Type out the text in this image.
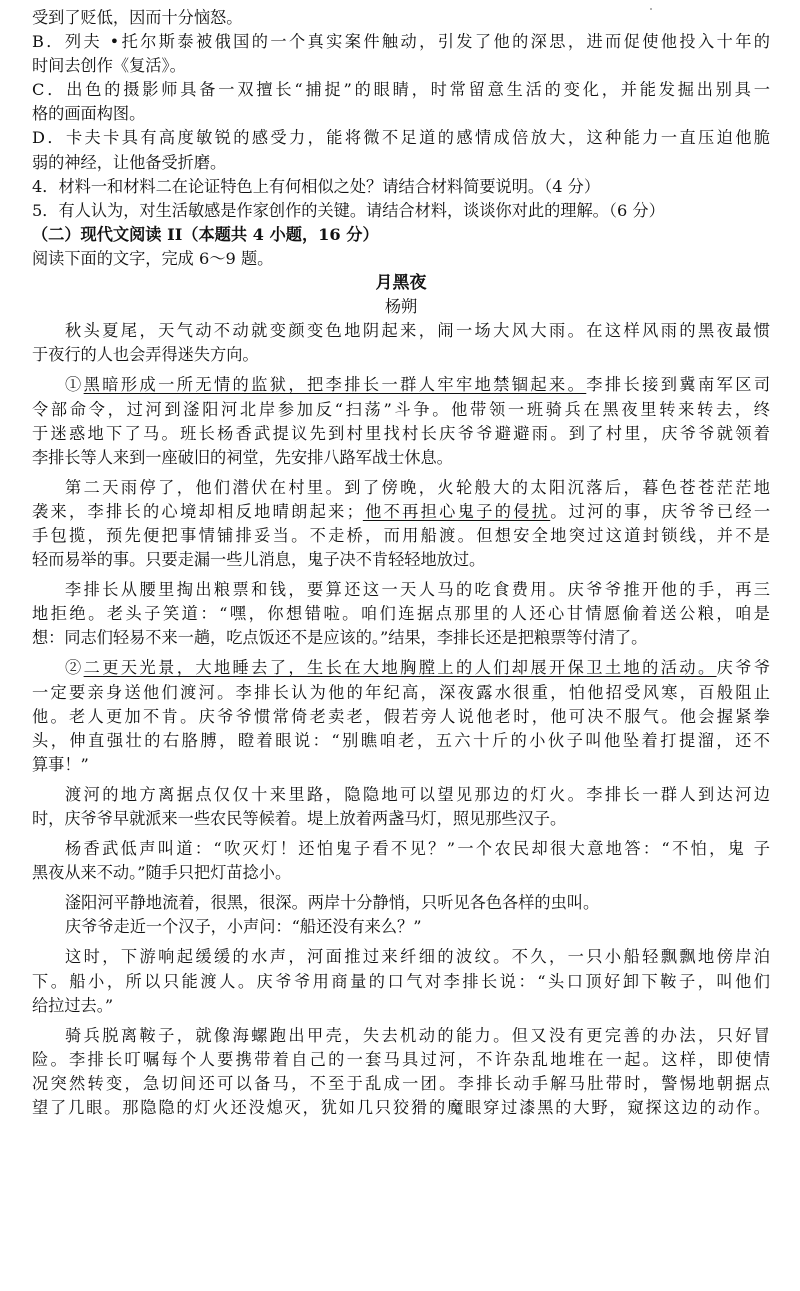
受到了贬低，因而十分恼怒。
B．列夫 •托尔斯泰被俄国的一个真实案件触动，引发了他的深思，进而促使他投入十年的
时间去创作《复活》。
C．出色的摄影师具备一双擅长“捕捉”的眼睛，时常留意生活的变化，并能发掘出别具一
格的画面构图。
D．卡夫卡具有高度敏锐的感受力，能将微不足道的感情成倍放大，这种能力一直压迫他脆
弱的神经，让他备受折磨。
4．材料一和材料二在论证特色上有何相似之处？请结合材料简要说明。（4 分）
5．有人认为，对生活敏感是作家创作的关键。请结合材料，谈谈你对此的理解。（6 分）
（二）现代文阅读 II（本题共 4 小题，16 分）
阅读下面的文字，完成 6～9 题。
月黑夜
杨朔
秋头夏尾，天气动不动就变颜变色地阴起来，闹一场大风大雨。在这样风雨的黑夜最惯
于夜行的人也会弄得迷失方向。
①黑暗形成一所无情的监狱，把李排长一群人牢牢地禁锢起来。李排长接到冀南军区司
令部命令，过河到滏阳河北岸参加反“扫荡”斗争。他带领一班骑兵在黑夜里转来转去，终
于迷惑地下了马。班长杨香武提议先到村里找村长庆爷爷避避雨。到了村里，庆爷爷就领着
李排长等人来到一座破旧的祠堂，先安排八路军战士休息。
第二天雨停了，他们潜伏在村里。到了傍晚，火轮般大的太阳沉落后，暮色苍苍茫茫地
袭来，李排长的心境却相反地晴朗起来；他不再担心鬼子的侵扰。过河的事，庆爷爷已经一
手包揽，预先便把事情铺排妥当。不走桥，而用船渡。但想安全地突过这道封锁线，并不是
轻而易举的事。只要走漏一些儿消息，鬼子决不肯轻轻地放过。
李排长从腰里掏出粮票和钱，要算还这一天人马的吃食费用。庆爷爷推开他的手，再三
地拒绝。老头子笑道：“嘿，你想错啦。咱们连据点那里的人还心甘情愿偷着送公粮，咱是
想：同志们轻易不来一趟，吃点饭还不是应该的。”结果，李排长还是把粮票等付清了。
②二更天光景，大地睡去了，生长在大地胸膛上的人们却展开保卫土地的活动。庆爷爷
一定要亲身送他们渡河。李排长认为他的年纪高，深夜露水很重，怕他招受风寒，百般阻止
他。老人更加不肯。庆爷爷惯常倚老卖老，假若旁人说他老时，他可决不服气。他会握紧拳
头，伸直强壮的右胳膊，瞪着眼说：“别瞧咱老，五六十斤的小伙子叫他坠着打提溜，还不
算事！”
渡河的地方离据点仅仅十来里路，隐隐地可以望见那边的灯火。李排长一群人到达河边
时，庆爷爷早就派来一些农民等候着。堤上放着两盏马灯，照见那些汉子。
杨香武低声叫道：“吹灭灯！还怕鬼子看不见？”一个农民却很大意地答：“不怕，鬼 子
黑夜从来不动。”随手只把灯苗捻小。
滏阳河平静地流着，很黑，很深。两岸十分静悄，只听见各色各样的虫叫。
庆爷爷走近一个汉子，小声问：“船还没有来么？”
这时，下游响起缓缓的水声，河面推过来纤细的波纹。不久，一只小船轻飘飘地傍岸泊
下。船小，所以只能渡人。庆爷爷用商量的口气对李排长说：“头口顶好卸下鞍子，叫他们
给拉过去。”
骑兵脱离鞍子，就像海螺跑出甲壳，失去机动的能力。但又没有更完善的办法，只好冒
险。李排长叮嘱每个人要携带着自己的一套马具过河，不许杂乱地堆在一起。这样，即使情
况突然转变，急切间还可以备马，不至于乱成一团。李排长动手解马肚带时，警惕地朝据点
望了几眼。那隐隐的灯火还没熄灭，犹如几只狡猾的魔眼穿过漆黑的大野，窥探这边的动作。
